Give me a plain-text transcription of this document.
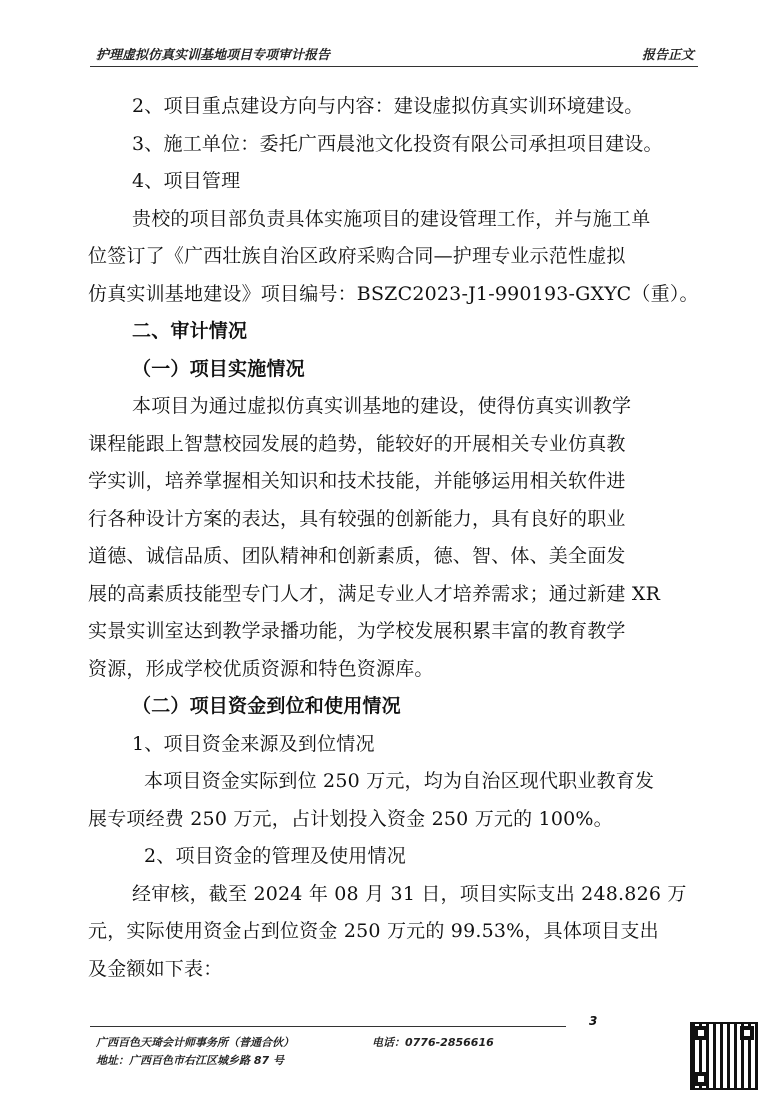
护理虚拟仿真实训基地项目专项审计报告	报告正文

2、项目重点建设方向与内容：建设虚拟仿真实训环境建设。

3、施工单位：委托广西晨池文化投资有限公司承担项目建设。

4、项目管理

贵校的项目部负责具体实施项目的建设管理工作，并与施工单

位签订了《广西壮族自治区政府采购合同—护理专业示范性虚拟

仿真实训基地建设》项目编号：BSZC2023-J1-990193-GXYC（重）。

二、审计情况

（一）项目实施情况

本项目为通过虚拟仿真实训基地的建设，使得仿真实训教学

课程能跟上智慧校园发展的趋势，能较好的开展相关专业仿真教

学实训，培养掌握相关知识和技术技能，并能够运用相关软件进

行各种设计方案的表达，具有较强的创新能力，具有良好的职业

道德、诚信品质、团队精神和创新素质，德、智、体、美全面发

展的高素质技能型专门人才，满足专业人才培养需求；通过新建 XR

实景实训室达到教学录播功能，为学校发展积累丰富的教育教学

资源，形成学校优质资源和特色资源库。

（二）项目资金到位和使用情况

1、项目资金来源及到位情况

本项目资金实际到位 250 万元，均为自治区现代职业教育发

展专项经费 250 万元，占计划投入资金 250 万元的 100%。

2、项目资金的管理及使用情况

经审核，截至 2024 年 08 月 31 日，项目实际支出 248.826 万

元，实际使用资金占到位资金 250 万元的 99.53%，具体项目支出

及金额如下表：

3
广西百色天琦会计师事务所（普通合伙）	电话：0776-2856616
地址：广西百色市右江区城乡路 87 号
